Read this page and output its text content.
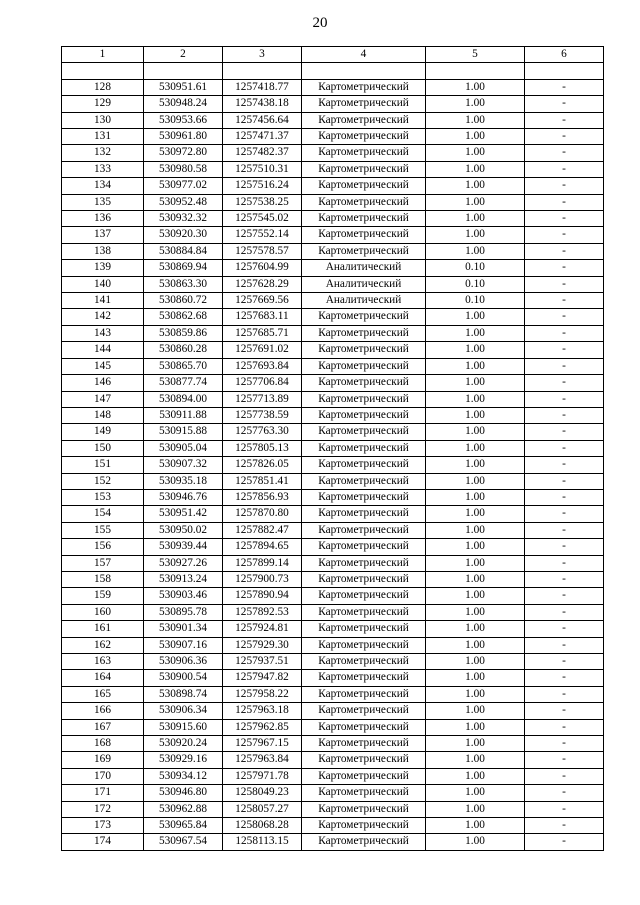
20
1	2	3	4	5	6

128	530951.61	1257418.77	Картометрический	1.00	-
129	530948.24	1257438.18	Картометрический	1.00	-
130	530953.66	1257456.64	Картометрический	1.00	-
131	530961.80	1257471.37	Картометрический	1.00	-
132	530972.80	1257482.37	Картометрический	1.00	-
133	530980.58	1257510.31	Картометрический	1.00	-
134	530977.02	1257516.24	Картометрический	1.00	-
135	530952.48	1257538.25	Картометрический	1.00	-
136	530932.32	1257545.02	Картометрический	1.00	-
137	530920.30	1257552.14	Картометрический	1.00	-
138	530884.84	1257578.57	Картометрический	1.00	-
139	530869.94	1257604.99	Аналитический	0.10	-
140	530863.30	1257628.29	Аналитический	0.10	-
141	530860.72	1257669.56	Аналитический	0.10	-
142	530862.68	1257683.11	Картометрический	1.00	-
143	530859.86	1257685.71	Картометрический	1.00	-
144	530860.28	1257691.02	Картометрический	1.00	-
145	530865.70	1257693.84	Картометрический	1.00	-
146	530877.74	1257706.84	Картометрический	1.00	-
147	530894.00	1257713.89	Картометрический	1.00	-
148	530911.88	1257738.59	Картометрический	1.00	-
149	530915.88	1257763.30	Картометрический	1.00	-
150	530905.04	1257805.13	Картометрический	1.00	-
151	530907.32	1257826.05	Картометрический	1.00	-
152	530935.18	1257851.41	Картометрический	1.00	-
153	530946.76	1257856.93	Картометрический	1.00	-
154	530951.42	1257870.80	Картометрический	1.00	-
155	530950.02	1257882.47	Картометрический	1.00	-
156	530939.44	1257894.65	Картометрический	1.00	-
157	530927.26	1257899.14	Картометрический	1.00	-
158	530913.24	1257900.73	Картометрический	1.00	-
159	530903.46	1257890.94	Картометрический	1.00	-
160	530895.78	1257892.53	Картометрический	1.00	-
161	530901.34	1257924.81	Картометрический	1.00	-
162	530907.16	1257929.30	Картометрический	1.00	-
163	530906.36	1257937.51	Картометрический	1.00	-
164	530900.54	1257947.82	Картометрический	1.00	-
165	530898.74	1257958.22	Картометрический	1.00	-
166	530906.34	1257963.18	Картометрический	1.00	-
167	530915.60	1257962.85	Картометрический	1.00	-
168	530920.24	1257967.15	Картометрический	1.00	-
169	530929.16	1257963.84	Картометрический	1.00	-
170	530934.12	1257971.78	Картометрический	1.00	-
171	530946.80	1258049.23	Картометрический	1.00	-
172	530962.88	1258057.27	Картометрический	1.00	-
173	530965.84	1258068.28	Картометрический	1.00	-
174	530967.54	1258113.15	Картометрический	1.00	-
